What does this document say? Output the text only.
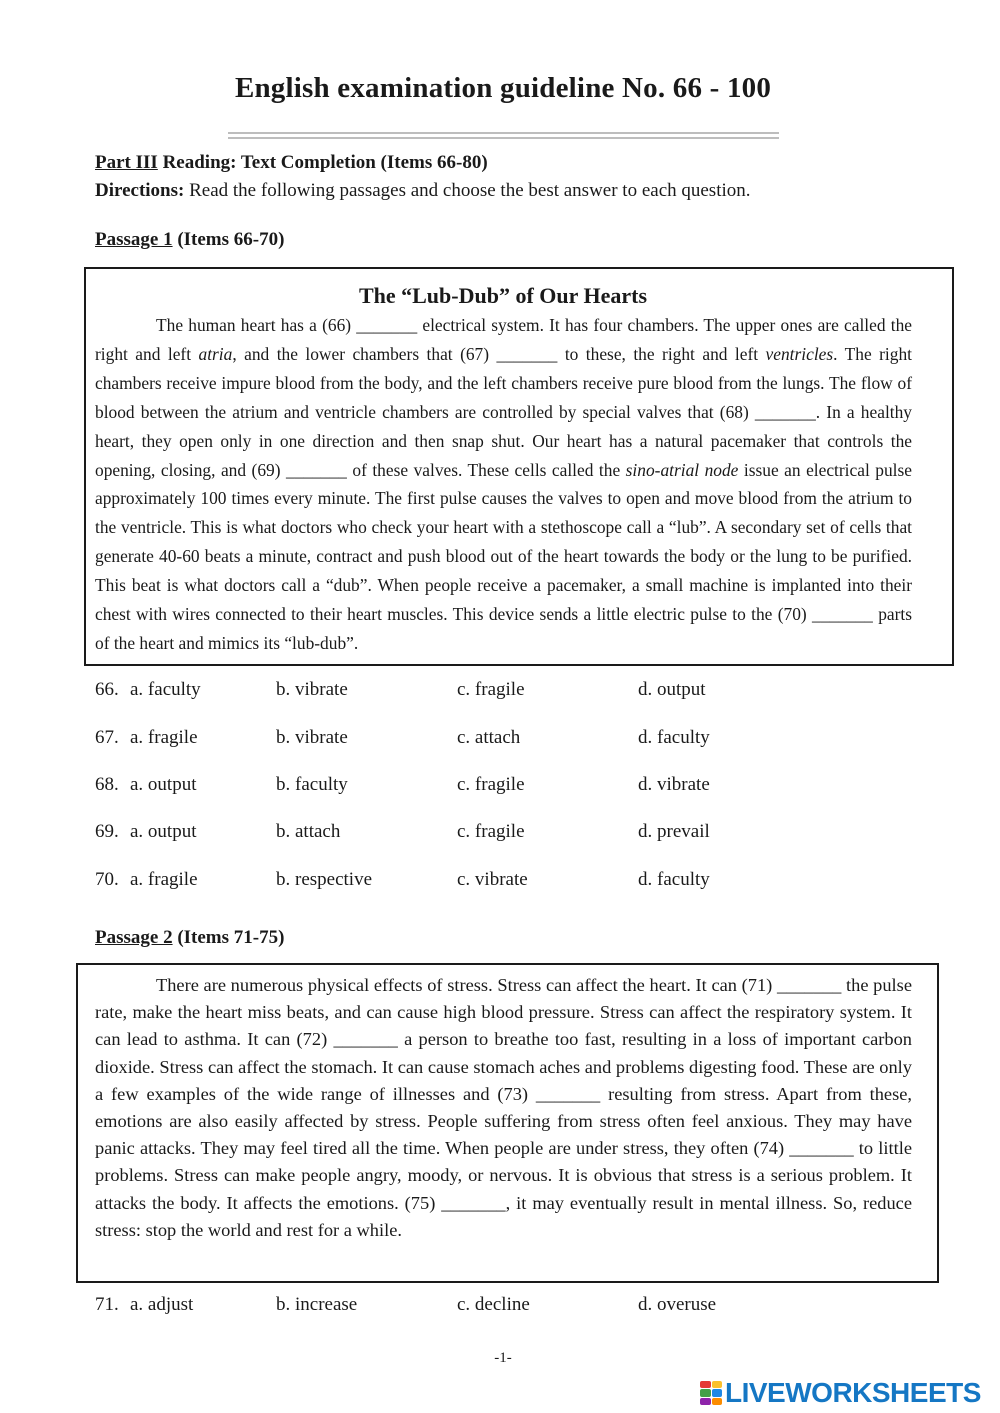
English examination guideline No. 66 - 100
Part III Reading: Text Completion (Items 66-80)
Directions: Read the following passages and choose the best answer to each question.
Passage 1 (Items 66-70)
The “Lub-Dub” of Our Hearts
The human heart has a (66) _______ electrical system. It has four chambers. The upper ones are called the right and left atria, and the lower chambers that (67) _______ to these, the right and left ventricles. The right chambers receive impure blood from the body, and the left chambers receive pure blood from the lungs. The flow of blood between the atrium and ventricle chambers are controlled by special valves that (68) _______. In a healthy heart, they open only in one direction and then snap shut. Our heart has a natural pacemaker that controls the opening, closing, and (69) _______ of these valves. These cells called the sino-atrial node issue an electrical pulse approximately 100 times every minute. The first pulse causes the valves to open and move blood from the atrium to the ventricle. This is what doctors who check your heart with a stethoscope call a “lub”. A secondary set of cells that generate 40-60 beats a minute, contract and push blood out of the heart towards the body or the lung to be purified. This beat is what doctors call a “dub”. When people receive a pacemaker, a small machine is implanted into their chest with wires connected to their heart muscles. This device sends a little electric pulse to the (70) _______ parts of the heart and mimics its “lub-dub”.
66. a. faculty	b. vibrate	c. fragile	d. output
67. a. fragile	b. vibrate	c. attach	d. faculty
68. a. output	b. faculty	c. fragile	d. vibrate
69. a. output	b. attach	c. fragile	d. prevail
70. a. fragile	b. respective	c. vibrate	d. faculty
Passage 2 (Items 71-75)
There are numerous physical effects of stress. Stress can affect the heart. It can (71) _______ the pulse rate, make the heart miss beats, and can cause high blood pressure. Stress can affect the respiratory system. It can lead to asthma. It can (72) _______ a person to breathe too fast, resulting in a loss of important carbon dioxide. Stress can affect the stomach. It can cause stomach aches and problems digesting food. These are only a few examples of the wide range of illnesses and (73) _______ resulting from stress. Apart from these, emotions are also easily affected by stress. People suffering from stress often feel anxious. They may have panic attacks. They may feel tired all the time. When people are under stress, they often (74) _______ to little problems. Stress can make people angry, moody, or nervous. It is obvious that stress is a serious problem. It attacks the body. It affects the emotions. (75) _______, it may eventually result in mental illness. So, reduce stress: stop the world and rest for a while.
71. a. adjust	b. increase	c. decline	d. overuse
-1-
LIVEWORKSHEETS
